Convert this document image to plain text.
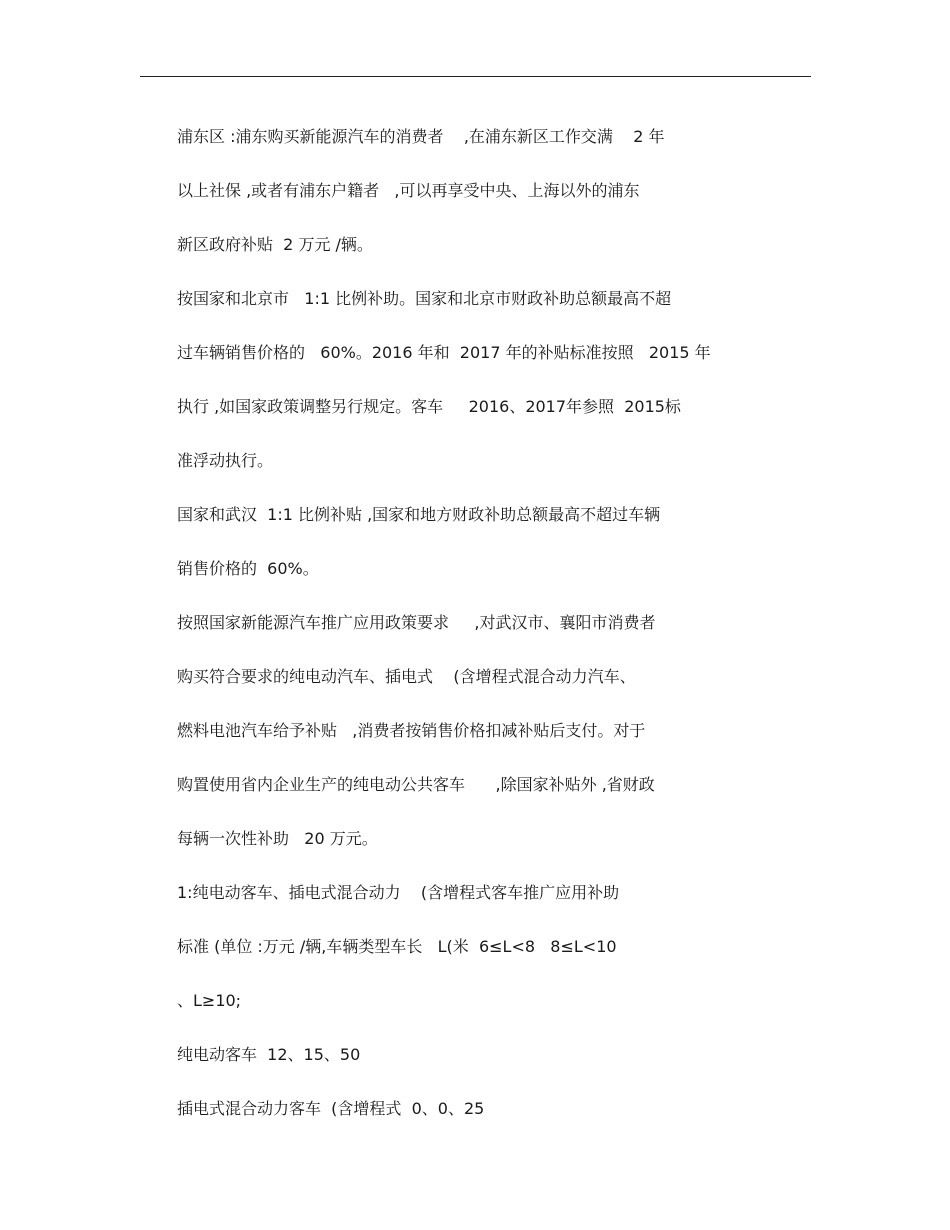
浦东区 :浦东购买新能源汽车的消费者    ,在浦东新区工作交满    2 年
以上社保 ,或者有浦东户籍者   ,可以再享受中央、上海以外的浦东
新区政府补贴  2 万元 /辆。
按国家和北京市   1:1 比例补助。国家和北京市财政补助总额最高不超
过车辆销售价格的   60%。2016 年和  2017 年的补贴标准按照   2015 年
执行 ,如国家政策调整另行规定。客车     2016、2017年参照  2015标
准浮动执行。
国家和武汉  1:1 比例补贴 ,国家和地方财政补助总额最高不超过车辆
销售价格的  60%。
按照国家新能源汽车推广应用政策要求     ,对武汉市、襄阳市消费者
购买符合要求的纯电动汽车、插电式    (含增程式混合动力汽车、
燃料电池汽车给予补贴   ,消费者按销售价格扣减补贴后支付。对于
购置使用省内企业生产的纯电动公共客车      ,除国家补贴外 ,省财政
每辆一次性补助   20 万元。
1:纯电动客车、插电式混合动力    (含增程式客车推广应用补助
标准 (单位 :万元 /辆,车辆类型车长   L(米  6≤L<8   8≤L<10
、L≥10;
纯电动客车  12、15、50
插电式混合动力客车  (含增程式  0、0、25
